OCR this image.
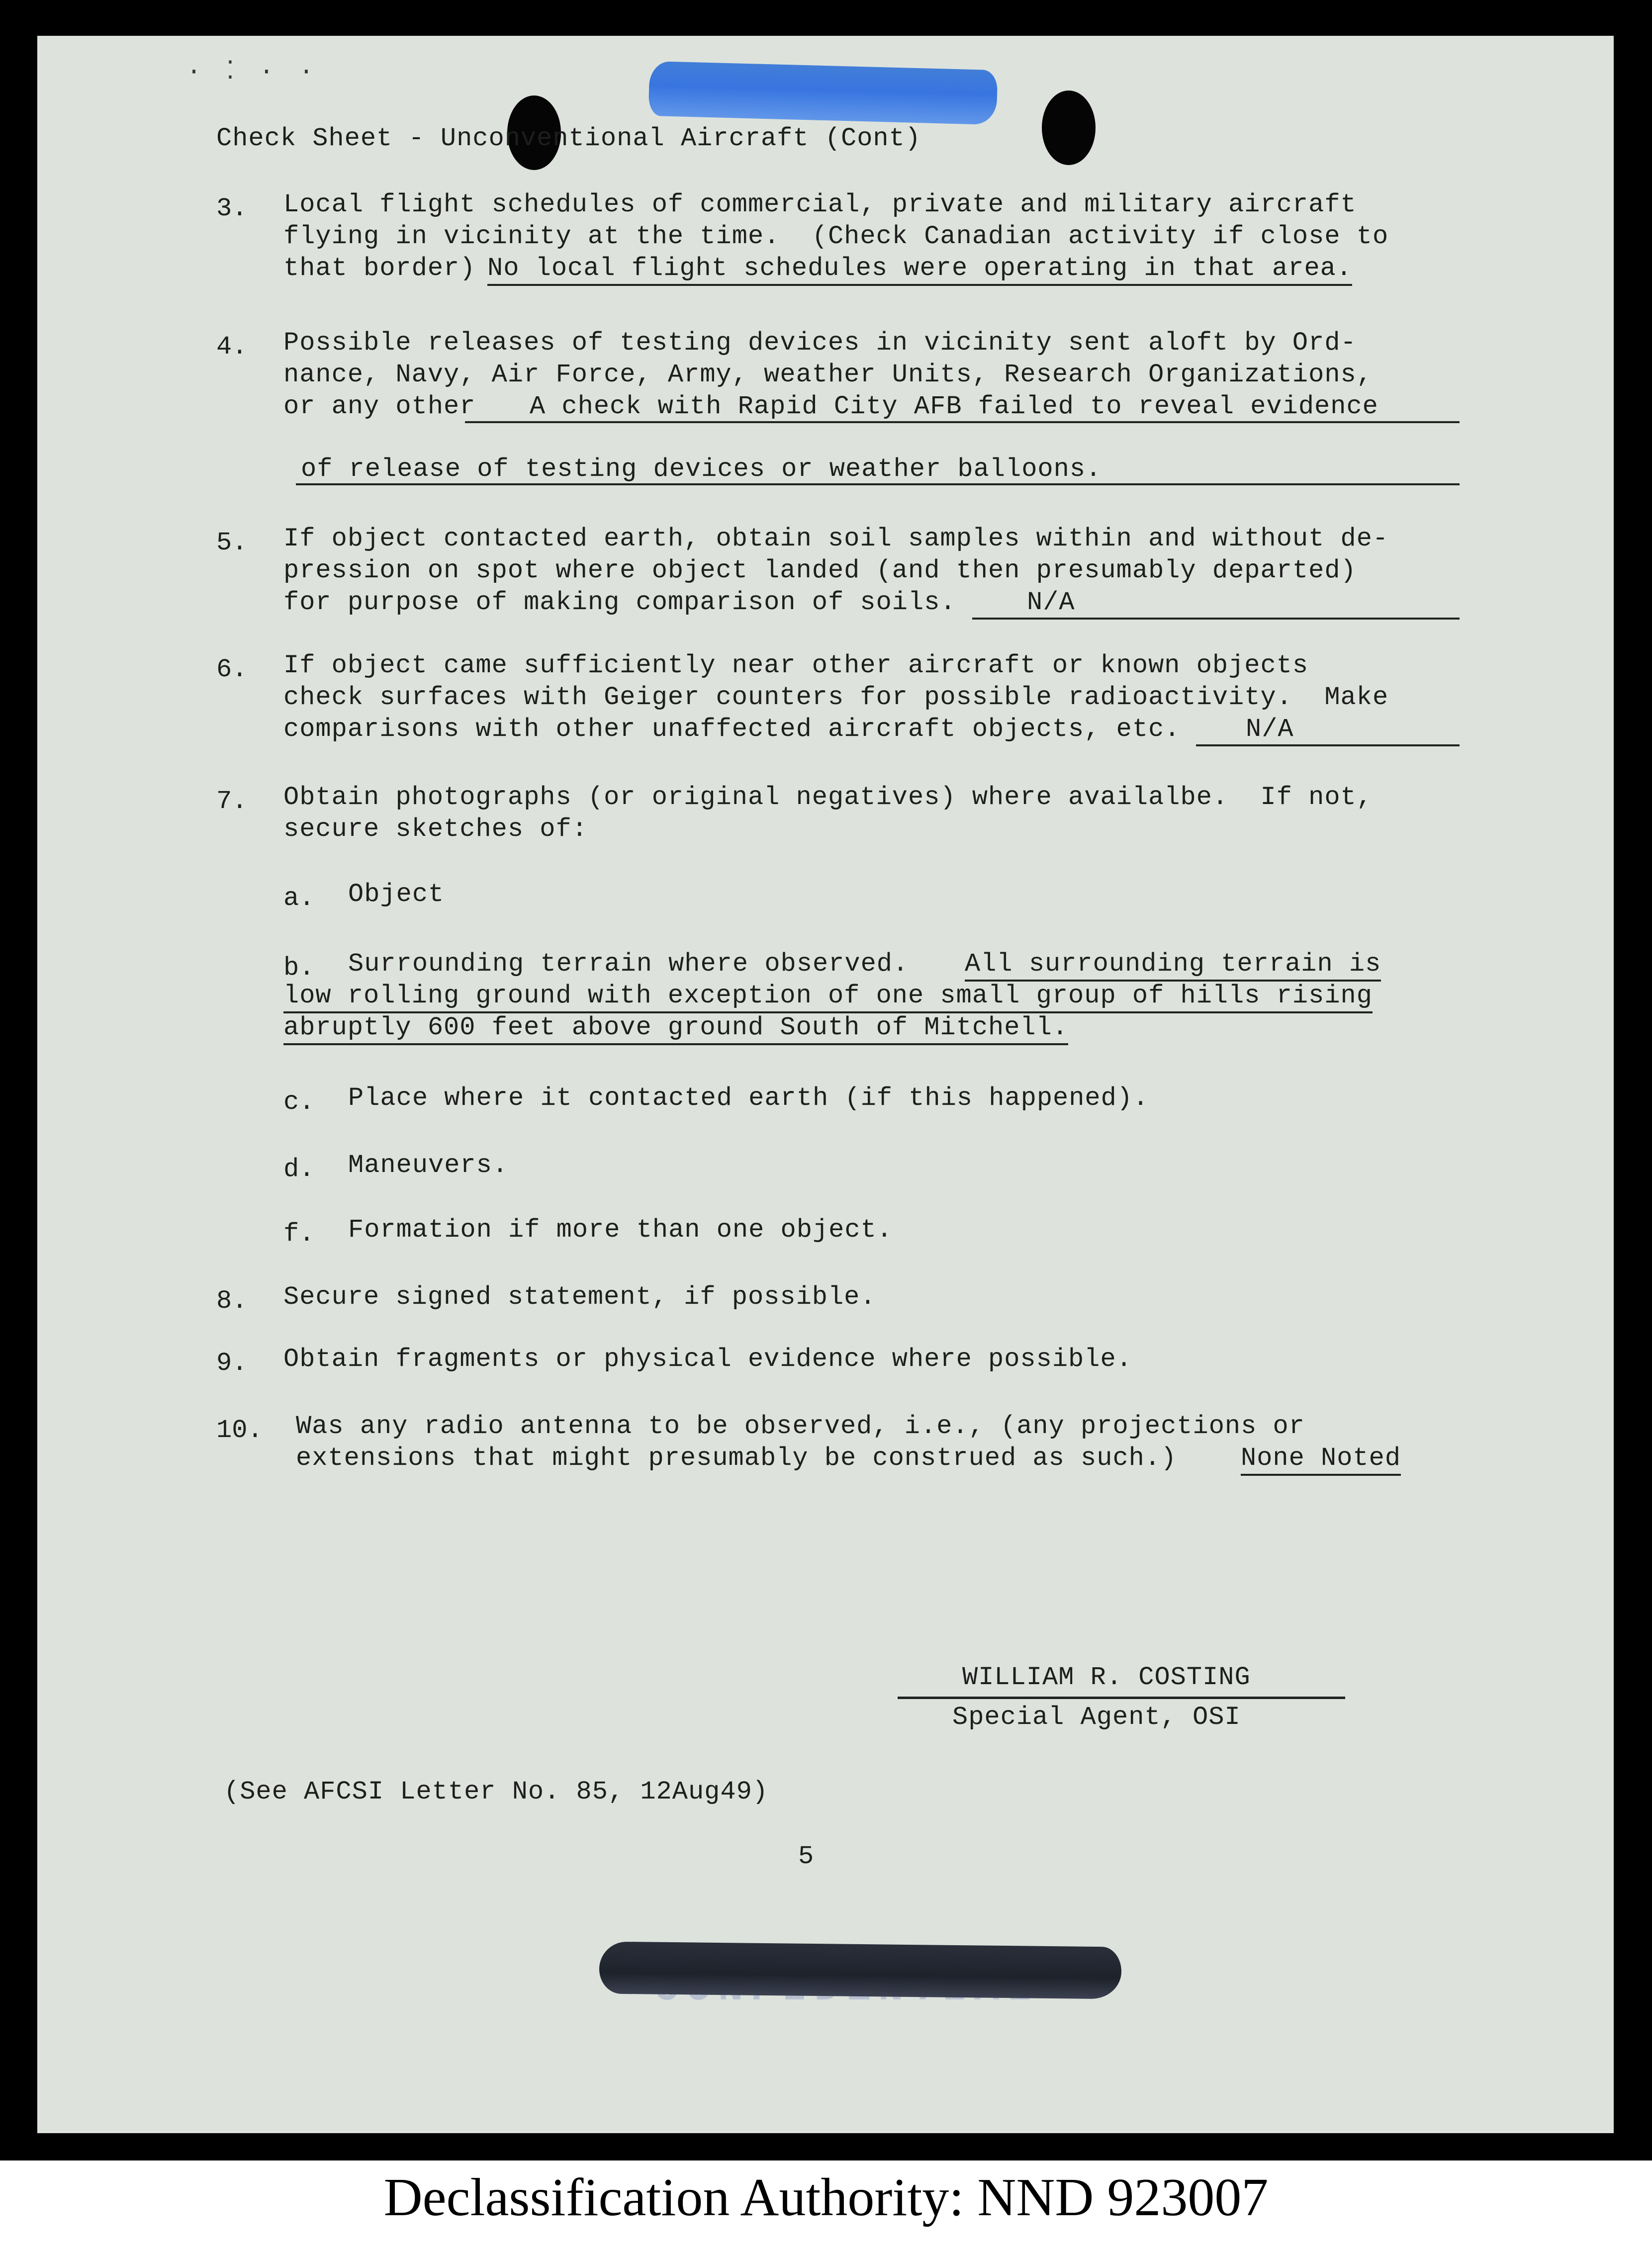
· ⁚ · ·
Check Sheet - Unconventional Aircraft (Cont)
3. Local flight schedules of commercial, private and military aircraft
flying in vicinity at the time.  (Check Canadian activity if close to
that border) No local flight schedules were operating in that area.
4. Possible releases of testing devices in vicinity sent aloft by Ord-
nance, Navy, Air Force, Army, weather Units, Research Organizations,
or any other A check with Rapid City AFB failed to reveal evidence
of release of testing devices or weather balloons.
5. If object contacted earth, obtain soil samples within and without de-
pression on spot where object landed (and then presumably departed)
for purpose of making comparison of soils.	N/A
6. If object came sufficiently near other aircraft or known objects
check surfaces with Geiger counters for possible radioactivity.  Make
comparisons with other unaffected aircraft objects, etc.	N/A
7. Obtain photographs (or original negatives) where availalbe.  If not,
secure sketches of:
a. Object
b. Surrounding terrain where observed. All surrounding terrain is
low rolling ground with exception of one small group of hills rising
abruptly 600 feet above ground South of Mitchell.
c. Place where it contacted earth (if this happened).
d. Maneuvers.
f. Formation if more than one object.
8. Secure signed statement, if possible.
9. Obtain fragments or physical evidence where possible.
10. Was any radio antenna to be observed, i.e., (any projections or
extensions that might presumably be construed as such.) None Noted
WILLIAM R. COSTING
Special Agent, OSI
(See AFCSI Letter No. 85, 12Aug49)
5
Declassification Authority: NND 923007
